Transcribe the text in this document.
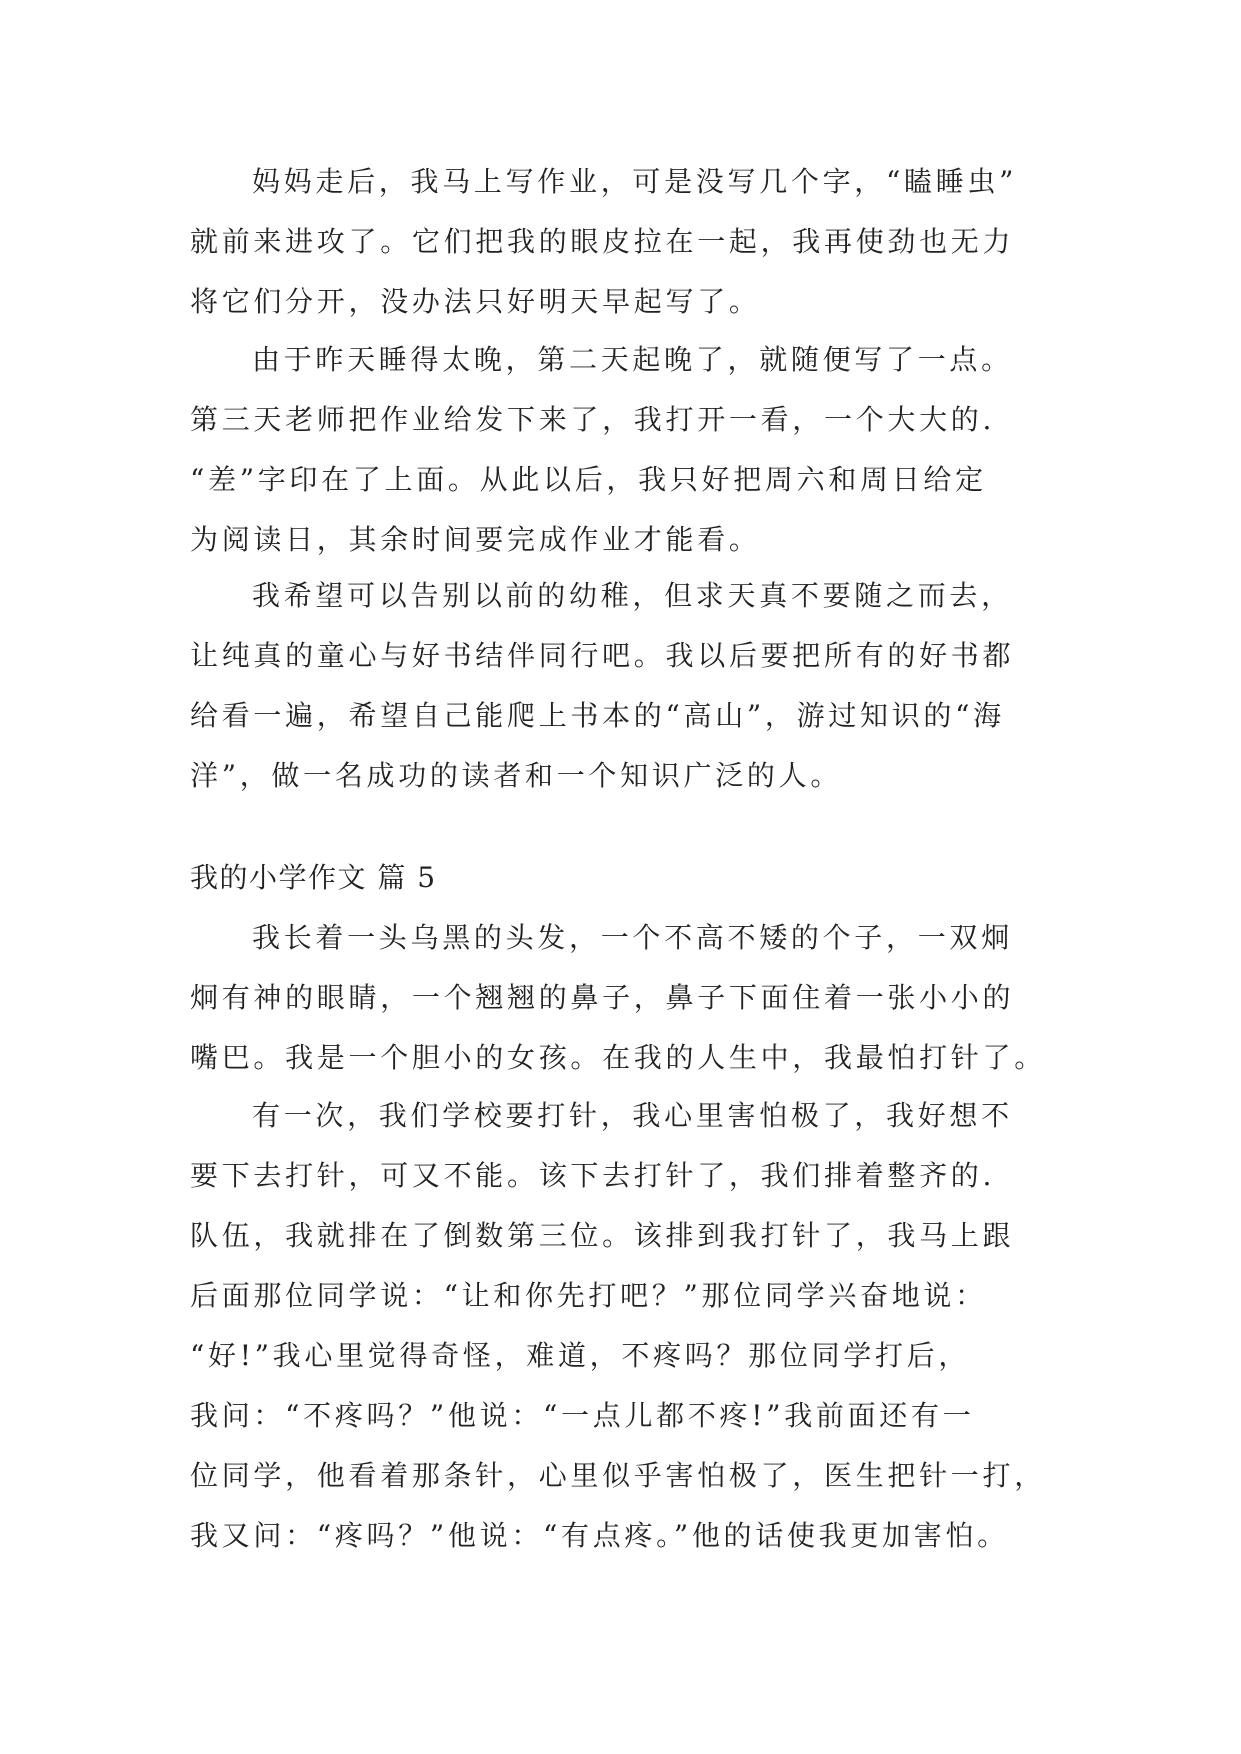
妈妈走后，我马上写作业，可是没写几个字，“瞌睡虫”
就前来进攻了。它们把我的眼皮拉在一起，我再使劲也无力
将它们分开，没办法只好明天早起写了。
由于昨天睡得太晚，第二天起晚了，就随便写了一点。
第三天老师把作业给发下来了，我打开一看，一个大大的.
“差”字印在了上面。从此以后，我只好把周六和周日给定
为阅读日，其余时间要完成作业才能看。
我希望可以告别以前的幼稚，但求天真不要随之而去，
让纯真的童心与好书结伴同行吧。我以后要把所有的好书都
给看一遍，希望自己能爬上书本的“高山”，游过知识的“海
洋”，做一名成功的读者和一个知识广泛的人。
我的小学作文 篇 5
我长着一头乌黑的头发，一个不高不矮的个子，一双炯
炯有神的眼睛，一个翘翘的鼻子，鼻子下面住着一张小小的
嘴巴。我是一个胆小的女孩。在我的人生中，我最怕打针了。
有一次，我们学校要打针，我心里害怕极了，我好想不
要下去打针，可又不能。该下去打针了，我们排着整齐的.
队伍，我就排在了倒数第三位。该排到我打针了，我马上跟
后面那位同学说：“让和你先打吧？”那位同学兴奋地说：
“好!”我心里觉得奇怪，难道，不疼吗？那位同学打后，
我问：“不疼吗？”他说：“一点儿都不疼!”我前面还有一
位同学，他看着那条针，心里似乎害怕极了，医生把针一打，
我又问：“疼吗？”他说：“有点疼。”他的话使我更加害怕。
